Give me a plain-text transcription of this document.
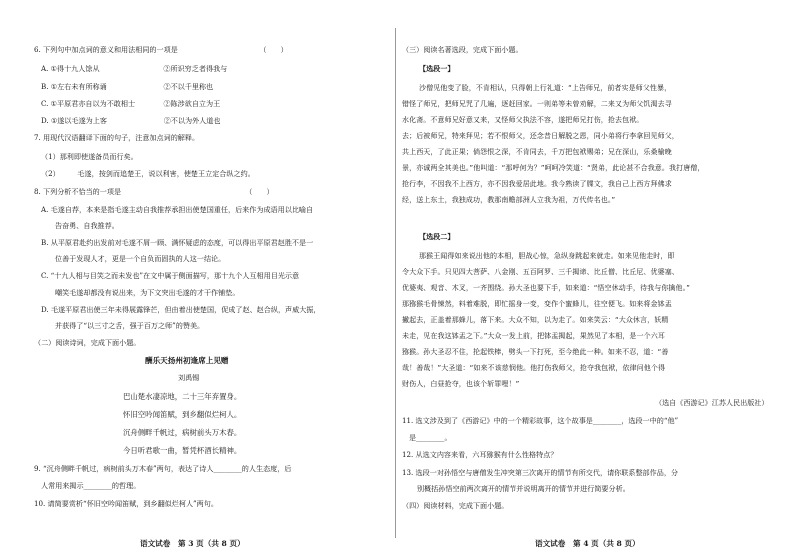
6. 下列句中加点词的意义和用法相同的一项是　　　　　　　　　　　　（　　）
A. ①得十九人馀从　　　　　　　　　②所识穷乏者得我与
B. ①左右未有所称诵　　　　　　　　②不以千里称也
C. ①平原君亦自以为不敢相士　　　　②陈涉欲自立为王
D. ①遂以毛遂为上客　　　　　　　　②不以为外人道也
7. 用现代汉语翻译下面的句子，注意加点词的解释。
（1）那利即使遂备员而行矣。
（2）　　　毛遂，按剑而追楚王，说以利害，使楚王立定合纵之约。
8. 下列分析不恰当的一项是　　　　　　　　　　　　　　　　　　（　　）
A. 毛遂自荐，本来是指毛遂主动自我推荐承担出使楚国重任，后来作为成语用以比喻自
告奋勇、自我推荐。
B. 从平原君赴约出发前对毛遂不屑一顾、满怀疑虑的态度，可以得出平原君赵胜不是一
位善于发现人才，更是一个自负而固执的人这一结论。
C. “十九人相与目笑之而未发也”在文中属于侧面描写，那十九个人互相用目光示意
嘲笑毛遂却都没有说出来，为下文突出毛遂的才干作铺垫。
D. 毛遂平原君出使三年未得展露锋芒，但由着出使楚国，促成了赵、赵合纵，声威大振，
并获得了“以三寸之舌，强于百万之师”的赞美。
（二）阅读诗词，完成下面小题。
酬乐天扬州初逢席上见赠
刘禹锡
巴山楚水凄凉地，二十三年弃置身。
怀旧空吟闻笛赋，到乡翻似烂柯人。
沉舟侧畔千帆过，病树前头万木春。
今日听君歌一曲，暂凭杯酒长精神。
9. “沉舟侧畔千帆过，病树前头万木春”两句，表达了诗人________的人生态度，后
人常用来揭示________的哲理。
10. 请简要赏析“怀旧空吟闻笛赋，到乡翻似烂柯人”两句。
语文试卷　第 3 页（共 8 页）
（三）阅读名著选段，完成下面小题。
【选段一】
沙僧见他变了脸，不肯相认，只得朝上行礼道：“上告师兄，前者实是师父性暴，
错怪了师兄，把师兄咒了几遍，逐赶回家。一则弟等未曾劝解，二来又为师父饥渴去寻
水化斋。不意师兄好意又来，又怪师父执法不容，遂把师兄打伤，抢去包袱。
去；后被师兄，特来拜见；若不恨师父，还念昔日解脱之恩，同小弟将行李拿回见师父，
共上西天，了此正果；倘怨恨之深，不肯同去，千万把包袱赐弟；兄在深山，乐桑榆晚
景，亦诚两全其美也。”他叫道：“那呼何为？”呵呵冷笑道：“贤弟，此论甚不合我意。我打唐僧，
抢行李，不因我不上西方，亦不因我爱居此地。我今熟读了牒文，我自己上西方拜佛求
经，送上东土，我独成功，教那南赡部洲人立我为祖，万代传名也。”
【选段二】
那猴王闻得如来说出他的本相，胆战心惊，急纵身跳起来就走。如来见他走时，即
令大众下手。只见四大菩萨、八金刚、五百阿罗、三千揭谛、比丘僧、比丘尼、优婆塞、
优婆夷、观音、木叉，一齐围绕。孙大圣也要下手，如来道：“悟空休动手，待我与你擒他。”
那猕猴毛骨悚然，料着难脱，即忙摇身一变，变作个蜜蜂儿，往空便飞。如来将金钵盂
撇起去，正盖着那蜂儿，落下来。大众不知，以为走了。如来笑云：“大众休言，妖精
未走，见在我这钵盂之下。”大众一发上前，把钵盂揭起，果然见了本相，是一个六耳
猕猴。孙大圣忍不住，抡起铁棒，劈头一下打死，至今绝此一种。如来不忍，道：“善
哉！善哉！”大圣道：“如来不该慈悯他。他打伤我师父，抢夺我包袱，依律问他个得
财伤人，白昼抢夺，也该个斩罪哩！”
（选自《西游记》江苏人民出版社）
11. 选文涉及到了《西游记》中的一个精彩故事，这个故事是________，选段一中的“他”
是________。
12. 从选文内容来看，六耳猕猴有什么性格特点？
13. 选段一对孙悟空与唐僧发生冲突第三次离开的情节有所交代，请你联系整部作品，分
别概括孙悟空前两次离开的情节并说明离开的情节并进行简要分析。
（四）阅读材料，完成下面小题。
语文试卷　第 4 页（共 8 页）
